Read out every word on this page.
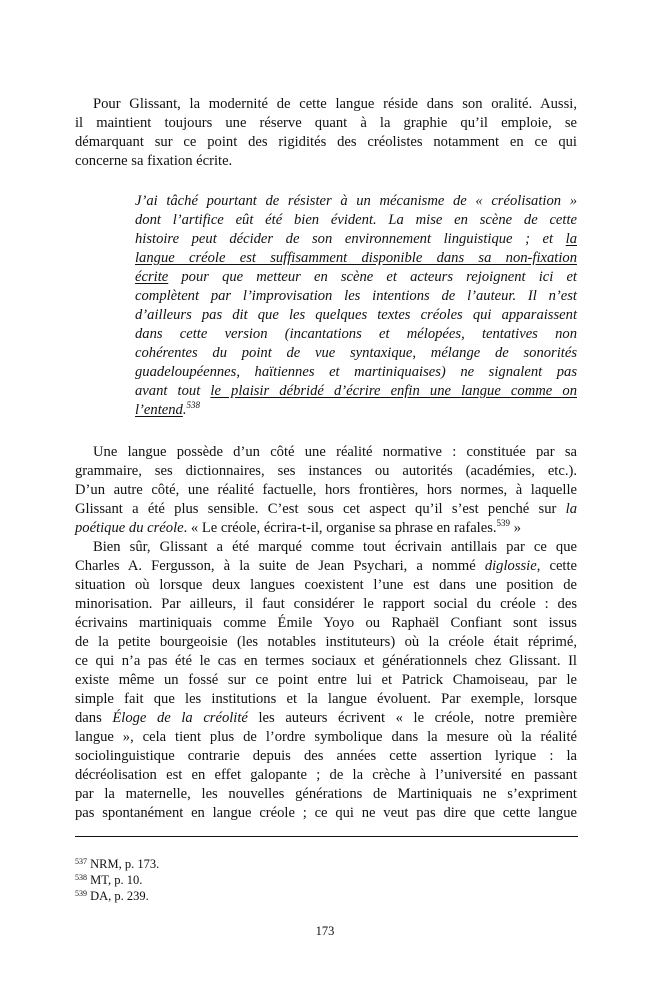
Pour Glissant, la modernité de cette langue réside dans son oralité. Aussi,
il maintient toujours une réserve quant à la graphie qu’il emploie, se
démarquant sur ce point des rigidités des créolistes notamment en ce qui
concerne sa fixation écrite.
J’ai tâché pourtant de résister à un mécanisme de « créolisation »
dont l’artifice eût été bien évident. La mise en scène de cette
histoire peut décider de son environnement linguistique ; et la
langue créole est suffisamment disponible dans sa non-fixation
écrite pour que metteur en scène et acteurs rejoignent ici et
complètent par l’improvisation les intentions de l’auteur. Il n’est
d’ailleurs pas dit que les quelques textes créoles qui apparaissent
dans cette version (incantations et mélopées, tentatives non
cohérentes du point de vue syntaxique, mélange de sonorités
guadeloupéennes, haïtiennes et martiniquaises) ne signalent pas
avant tout le plaisir débridé d’écrire enfin une langue comme on
l’entend.$^{538}$
Une langue possède d’un côté une réalité normative : constituée par sa
grammaire, ses dictionnaires, ses instances ou autorités (académies, etc.).
D’un autre côté, une réalité factuelle, hors frontières, hors normes, à laquelle
Glissant a été plus sensible. C’est sous cet aspect qu’il s’est penché sur la
poétique du créole. « Le créole, écrira-t-il, organise sa phrase en rafales.$^{539}$ »
Bien sûr, Glissant a été marqué comme tout écrivain antillais par ce que
Charles A. Fergusson, à la suite de Jean Psychari, a nommé diglossie, cette
situation où lorsque deux langues coexistent l’une est dans une position de
minorisation. Par ailleurs, il faut considérer le rapport social du créole : des
écrivains martiniquais comme Émile Yoyo ou Raphaël Confiant sont issus
de la petite bourgeoisie (les notables instituteurs) où la créole était réprimé,
ce qui n’a pas été le cas en termes sociaux et générationnels chez Glissant. Il
existe même un fossé sur ce point entre lui et Patrick Chamoiseau, par le
simple fait que les institutions et la langue évoluent. Par exemple, lorsque
dans Éloge de la créolité les auteurs écrivent « le créole, notre première
langue », cela tient plus de l’ordre symbolique dans la mesure où la réalité
sociolinguistique contrarie depuis des années cette assertion lyrique : la
décréolisation est en effet galopante ; de la crèche à l’université en passant
par la maternelle, les nouvelles générations de Martiniquais ne s’expriment
pas spontanément en langue créole ; ce qui ne veut pas dire que cette langue
$^{537}$ NRM, p. 173.
$^{538}$ MT, p. 10.
$^{539}$ DA, p. 239.
173
